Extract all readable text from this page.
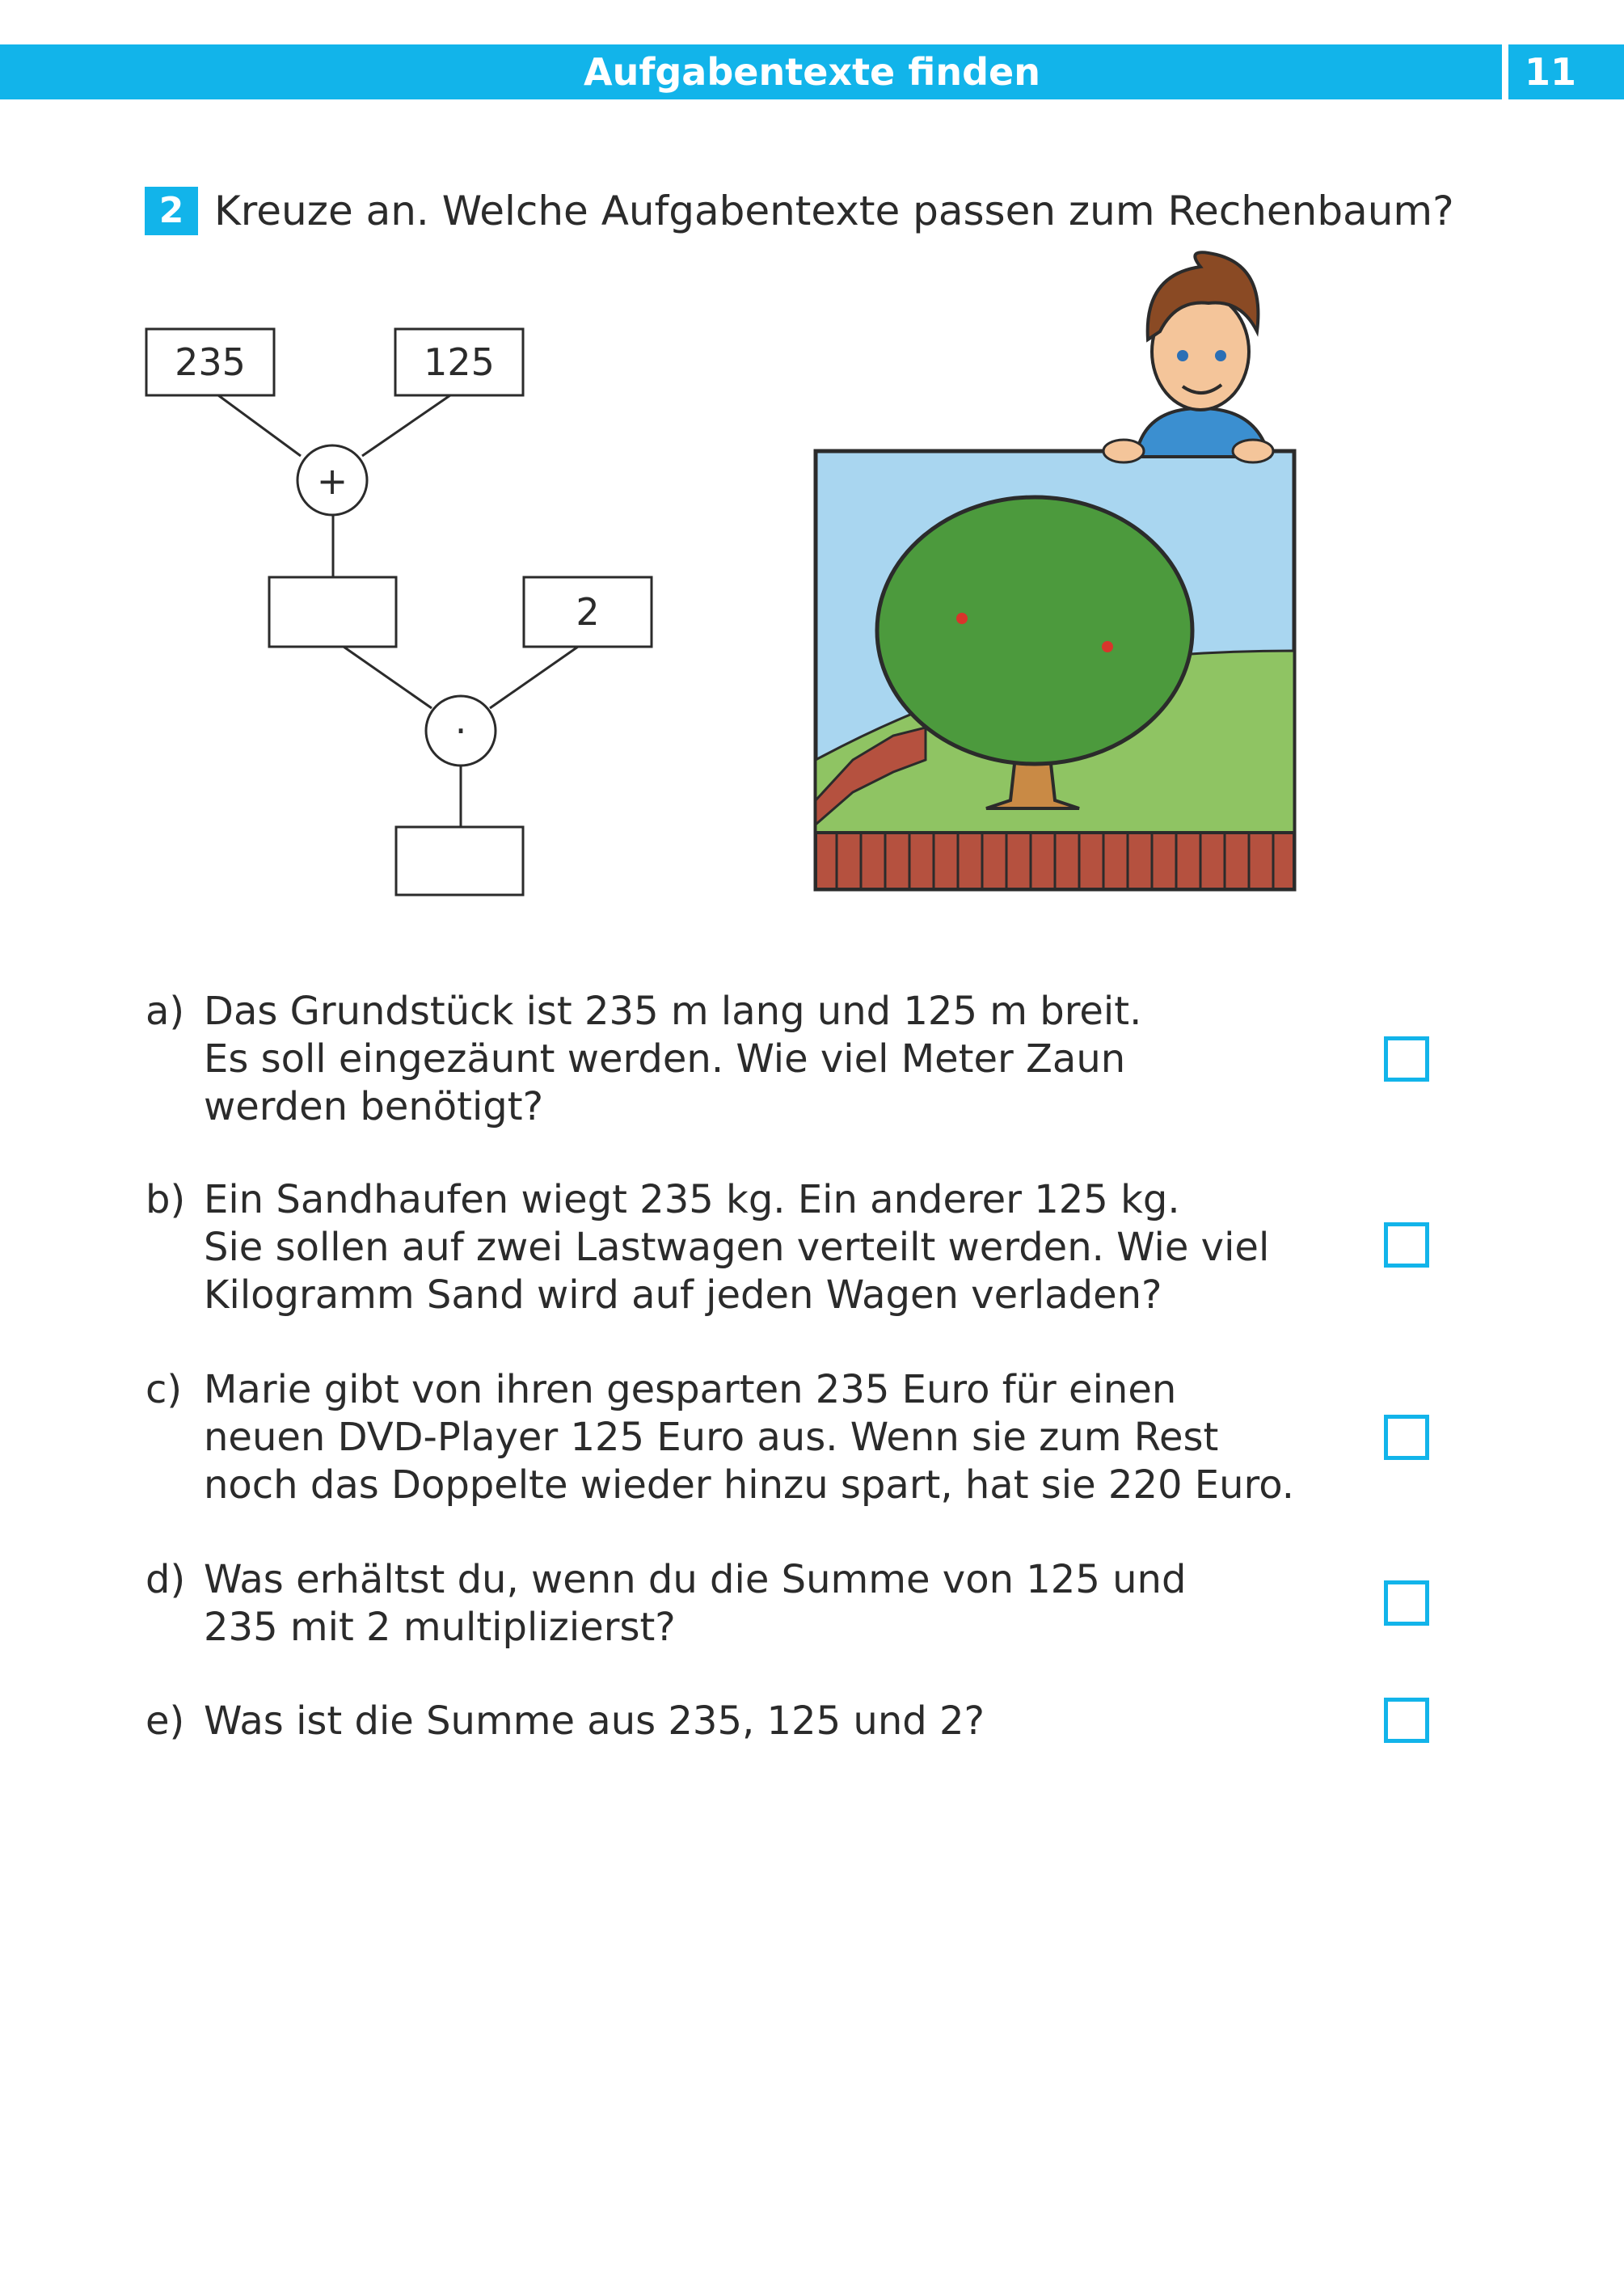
Aufgabentexte finden	11
2 Kreuze an. Welche Aufgabentexte passen zum Rechenbaum?
235	125
+
2
·
a) Das Grundstück ist 235 m lang und 125 m breit.
Es soll eingezäunt werden. Wie viel Meter Zaun
werden benötigt?
b) Ein Sandhaufen wiegt 235 kg. Ein anderer 125 kg.
Sie sollen auf zwei Lastwagen verteilt werden. Wie viel
Kilogramm Sand wird auf jeden Wagen verladen?
c) Marie gibt von ihren gesparten 235 Euro für einen
neuen DVD-Player 125 Euro aus. Wenn sie zum Rest
noch das Doppelte wieder hinzu spart, hat sie 220 Euro.
d) Was erhältst du, wenn du die Summe von 125 und
235 mit 2 multiplizierst?
e) Was ist die Summe aus 235, 125 und 2?
